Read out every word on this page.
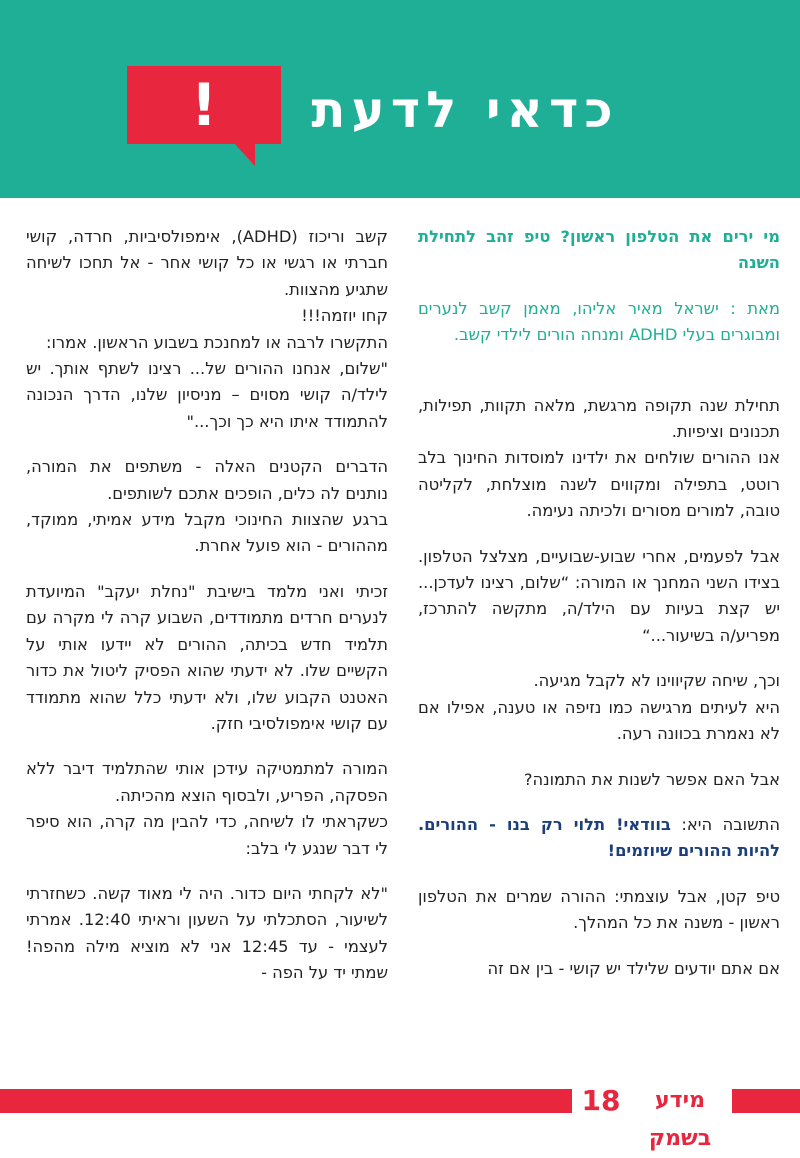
!	כדאי לדעת

מי ירים את הטלפון ראשון? טיפ זהב לתחילת השנה

מאת : ישראל מאיר אליהו, מאמן קשב לנערים ומבוגרים בעלי ADHD ומנחה הורים לילדי קשב.

תחילת שנה תקופה מרגשת, מלאה תקוות, תפילות, תכנונים וציפיות.

אנו ההורים שולחים את ילדינו למוסדות החינוך בלב רוטט, בתפילה ומקווים לשנה מוצלחת, לקליטה טובה, למורים מסורים ולכיתה נעימה.

אבל לפעמים, אחרי שבוע-שבועיים, מצלצל הטלפון. בצידו השני המחנך או המורה: “שלום, רצינו לעדכן... יש קצת בעיות עם הילד/ה, מתקשה להתרכז, מפריע/ה בשיעור...“

וכך, שיחה שקיווינו לא לקבל מגיעה.

היא לעיתים מרגישה כמו נזיפה או טענה, אפילו אם לא נאמרת בכוונה רעה.

אבל האם אפשר לשנות את התמונה?

התשובה היא: בוודאי! תלוי רק בנו - ההורים. להיות ההורים שיוזמים!

טיפ קטן, אבל עוצמתי: ההורה שמרים את הטלפון ראשון - משנה את כל המהלך.

אם אתם יודעים שלילד יש קושי - בין אם זה

קשב וריכוז (ADHD), אימפולסיביות, חרדה, קושי חברתי או רגשי או כל קושי אחר - אל תחכו לשיחה שתגיע מהצוות.

קחו יוזמה!!!

התקשרו לרבה או למחנכת בשבוע הראשון. אמרו:

"שלום, אנחנו ההורים של... רצינו לשתף אותך. יש לילד/ה קושי מסוים – מניסיון שלנו, הדרך הנכונה להתמודד איתו היא כך וכך..."

הדברים הקטנים האלה - משתפים את המורה, נותנים לה כלים, הופכים אתכם לשותפים.

ברגע שהצוות החינוכי מקבל מידע אמיתי, ממוקד, מההורים - הוא פועל אחרת.

זכיתי ואני מלמד בישיבת "נחלת יעקב" המיועדת לנערים חרדים מתמודדים, השבוע קרה לי מקרה עם תלמיד חדש בכיתה, ההורים לא יידעו אותי על הקשיים שלו. לא ידעתי שהוא הפסיק ליטול את כדור האטנט הקבוע שלו, ולא ידעתי כלל שהוא מתמודד עם קושי אימפולסיבי חזק.

המורה למתמטיקה עידכן אותי שהתלמיד דיבר ללא הפסקה, הפריע, ולבסוף הוצא מהכיתה.

כשקראתי לו לשיחה, כדי להבין מה קרה, הוא סיפר לי דבר שנגע לי בלב:

"לא לקחתי היום כדור. היה לי מאוד קשה. כשחזרתי לשיעור, הסתכלתי על השעון וראיתי 12:40. אמרתי לעצמי - עד 12:45 אני לא מוציא מילה מהפה! שמתי יד על הפה -

18	מידע בשמק
